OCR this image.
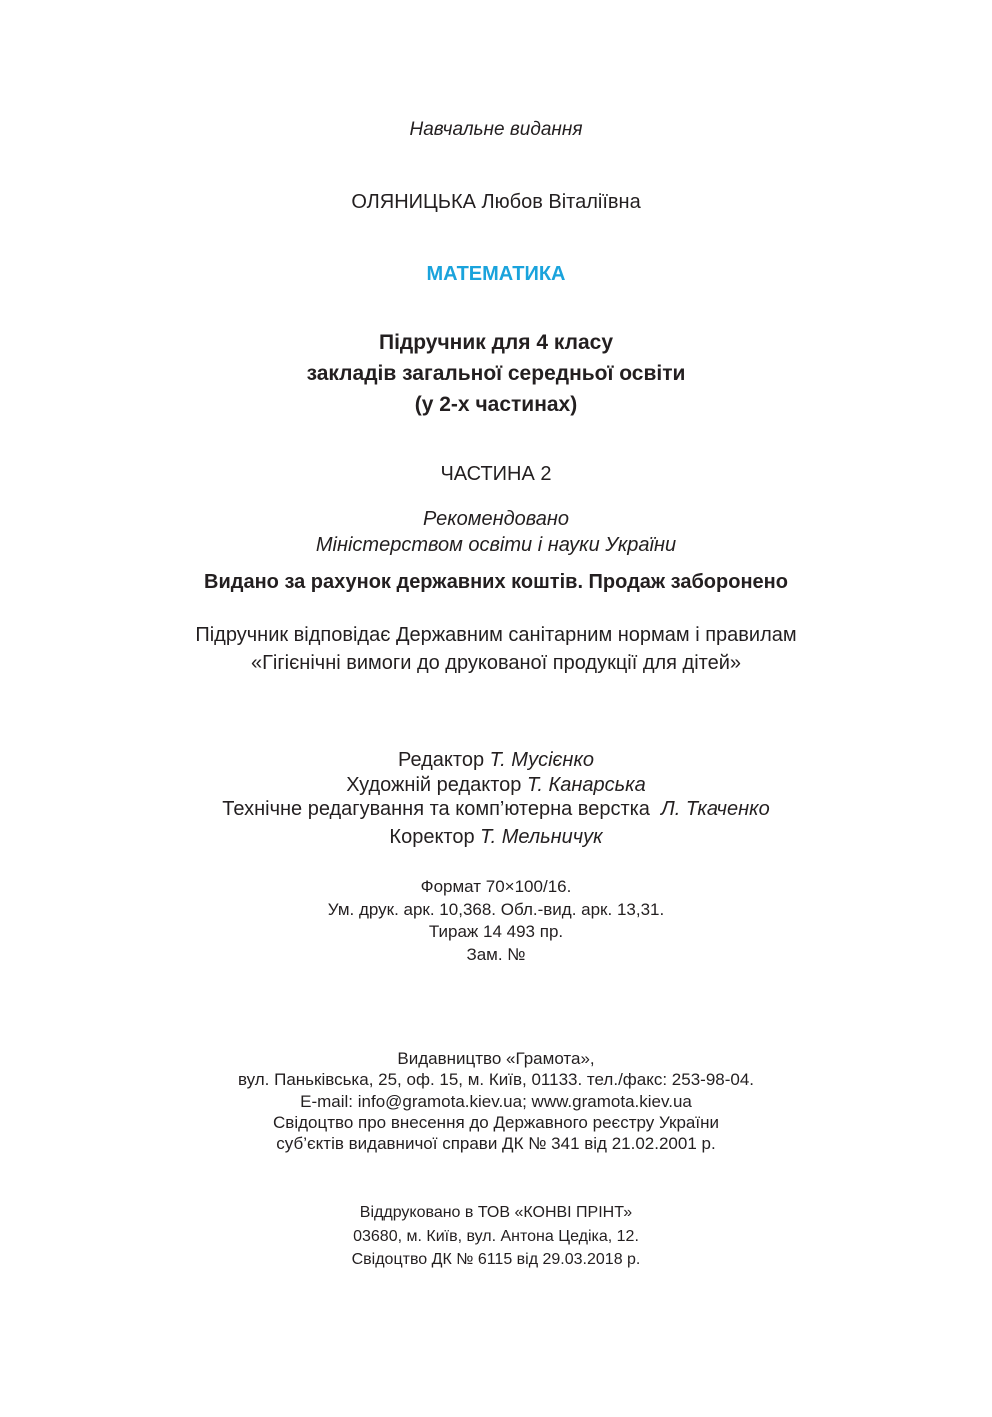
Навчальне видання
ОЛЯНИЦЬКА Любов Віталіївна
МАТЕМАТИКА
Підручник для 4 класу
закладів загальної середньої освіти
(у 2-х частинах)
ЧАСТИНА 2
Рекомендовано
Міністерством освіти і науки України
Видано за рахунок державних коштів. Продаж заборонено
Підручник відповідає Державним санітарним нормам і правилам
«Гігієнічні вимоги до друкованої продукції для дітей»
Редактор Т. Мусієнко
Художній редактор Т. Канарська
Технічне редагування та комп’ютерна верстка  Л. Ткаченко
Коректор Т. Мельничук
Формат 70×100/16.
Ум. друк. арк. 10,368. Обл.-вид. арк. 13,31.
Тираж 14 493 пр.
Зам. №
Видавництво «Грамота»,
вул. Паньківська, 25, оф. 15, м. Київ, 01133. тел./факс: 253-98-04.
E-mail: info@gramota.kiev.ua; www.gramota.kiev.ua
Свідоцтво про внесення до Державного реєстру України
суб’єктів видавничої справи ДК № 341 від 21.02.2001 р.
Віддруковано в ТОВ «КОНВІ ПРІНТ»
03680, м. Київ, вул. Антона Цедіка, 12.
Свідоцтво ДК № 6115 від 29.03.2018 р.
